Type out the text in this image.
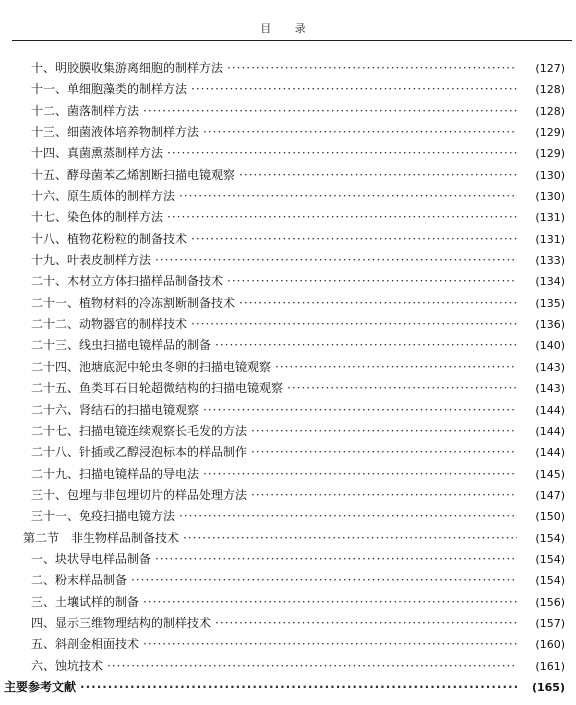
目 录
十、明胶膜收集游离细胞的制样方法 ·····	(127)
十一、单细胞藻类的制样方法 ·····	(128)
十二、菌落制样方法 ·····	(128)
十三、细菌液体培养物制样方法 ·····	(129)
十四、真菌熏蒸制样方法 ·····	(129)
十五、酵母菌苯乙烯割断扫描电镜观察 ·····	(130)
十六、原生质体的制样方法 ·····	(130)
十七、染色体的制样方法 ·····	(131)
十八、植物花粉粒的制备技术 ·····	(131)
十九、叶表皮制样方法 ·····	(133)
二十、木材立方体扫描样品制备技术 ·····	(134)
二十一、植物材料的冷冻割断制备技术 ·····	(135)
二十二、动物器官的制样技术 ·····	(136)
二十三、线虫扫描电镜样品的制备 ·····	(140)
二十四、池塘底泥中轮虫冬卵的扫描电镜观察 ·····	(143)
二十五、鱼类耳石日轮超微结构的扫描电镜观察 ·····	(143)
二十六、肾结石的扫描电镜观察 ·····	(144)
二十七、扫描电镜连续观察长毛发的方法 ·····	(144)
二十八、针插或乙醇浸泡标本的样品制作 ·····	(144)
二十九、扫描电镜样品的导电法 ·····	(145)
三十、包埋与非包埋切片的样品处理方法 ·····	(147)
三十一、免疫扫描电镜方法 ·····	(150)
第二节　非生物样品制备技术 ·····	(154)
一、块状导电样品制备 ·····	(154)
二、粉末样品制备 ·····	(154)
三、土壤试样的制备 ·····	(156)
四、显示三维物理结构的制样技术 ·····	(157)
五、斜剖金相面技术 ·····	(160)
六、蚀坑技术 ·····	(161)
主要参考文献 ·····	(165)
